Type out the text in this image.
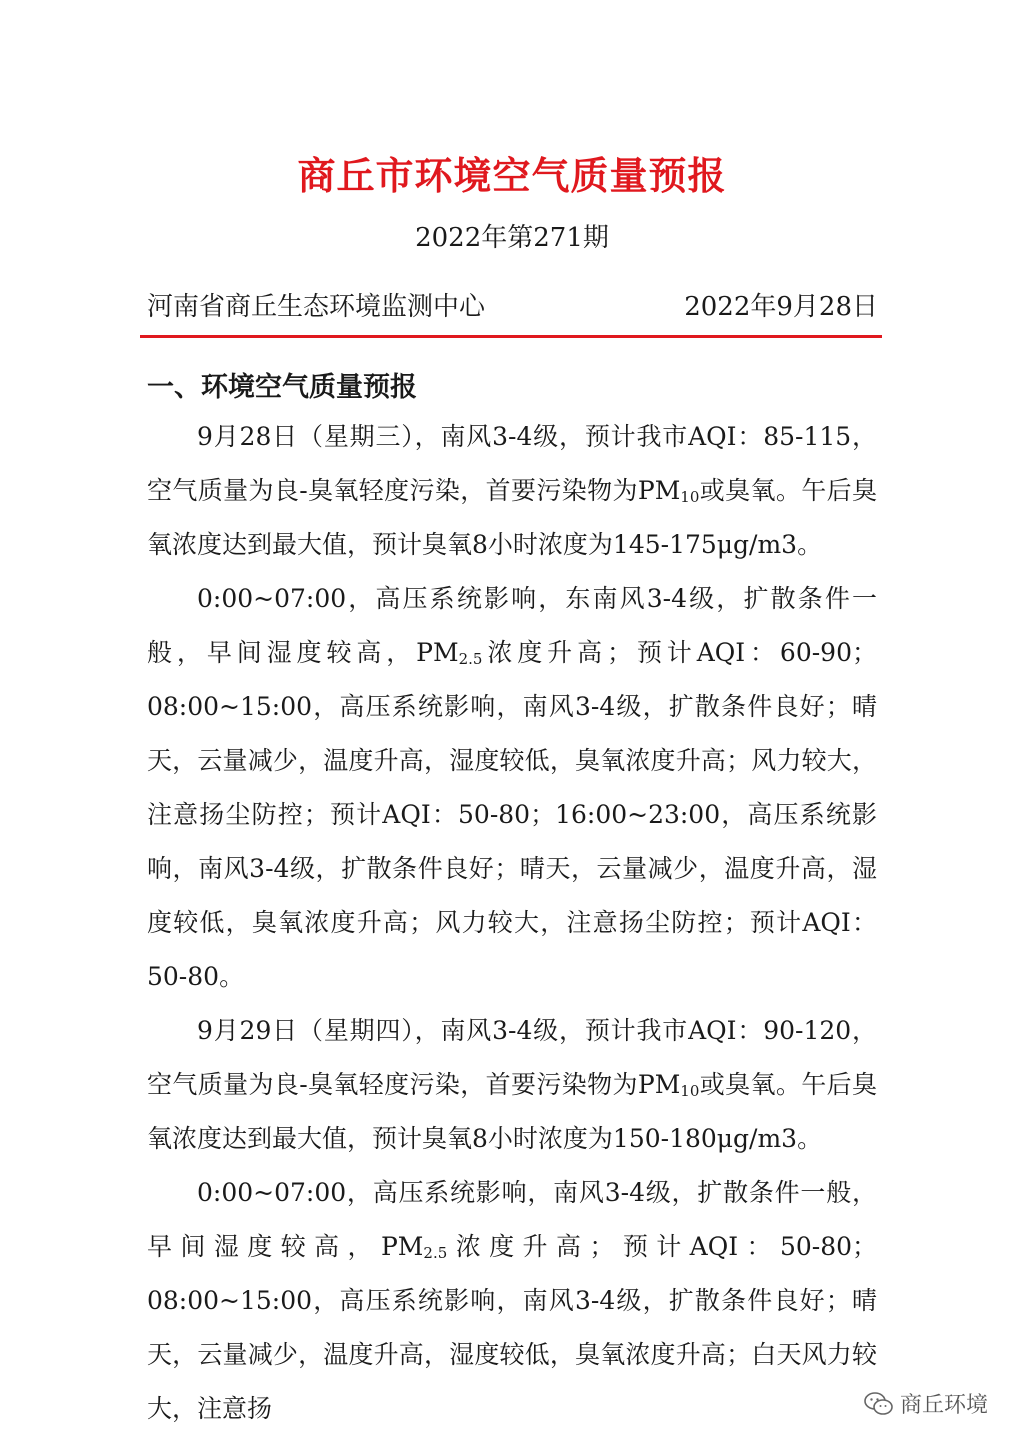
商丘市环境空气质量预报
2022年第271期
河南省商丘生态环境监测中心	2022年9月28日
一、环境空气质量预报

9月28日（星期三），南风3-4级，预计我市AQI：85-115，空气质量为良-臭氧轻度污染，首要污染物为$PM_{10}$或臭氧。午后臭氧浓度达到最大值，预计臭氧8小时浓度为145-175μg/m3。

0:00~07:00，高压系统影响，东南风3-4级，扩散条件一般，早间湿度较高，$PM_{2.5}$浓度升高；预计AQI：60-90；08:00~15:00，高压系统影响，南风3-4级，扩散条件良好；晴天，云量减少，温度升高，湿度较低，臭氧浓度升高；风力较大，注意扬尘防控；预计AQI：50-80；16:00~23:00，高压系统影响，南风3-4级，扩散条件良好；晴天，云量减少，温度升高，湿度较低，臭氧浓度升高；风力较大，注意扬尘防控；预计AQI：50-80。

9月29日（星期四），南风3-4级，预计我市AQI：90-120，空气质量为良-臭氧轻度污染，首要污染物为$PM_{10}$或臭氧。午后臭氧浓度达到最大值，预计臭氧8小时浓度为150-180μg/m3。

0:00~07:00，高压系统影响，南风3-4级，扩散条件一般，早间湿度较高，$PM_{2.5}$浓度升高；预计AQI：50-80；08:00~15:00，高压系统影响，南风3-4级，扩散条件良好；晴天，云量减少，温度升高，湿度较低，臭氧浓度升高；白天风力较大，注意扬	商丘环境
